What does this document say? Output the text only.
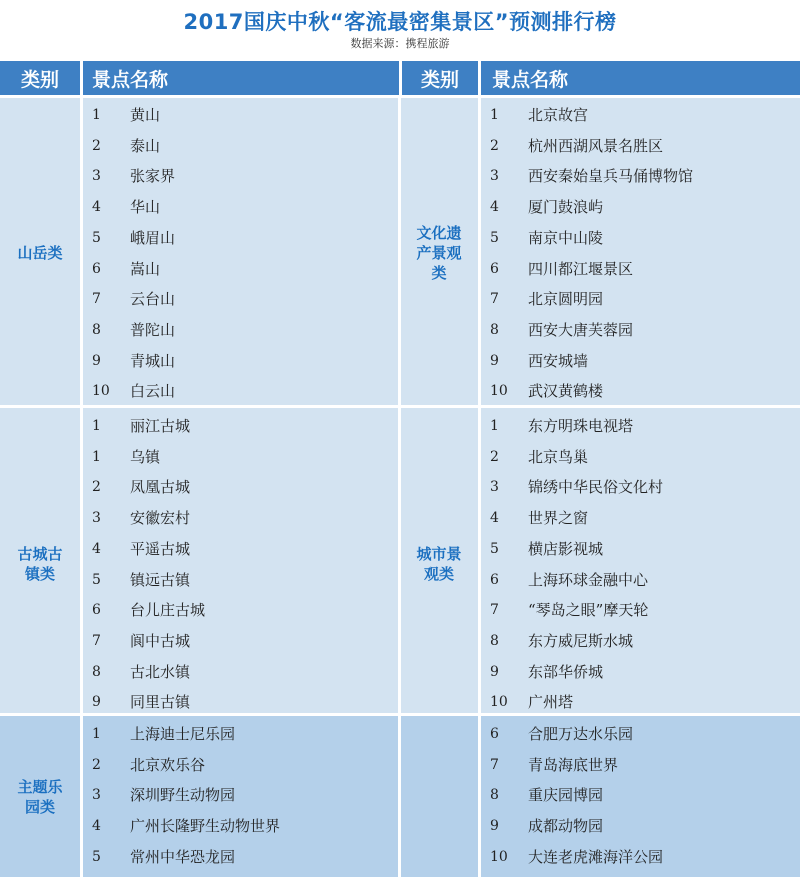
2017国庆中秋“客流最密集景区”预测排行榜
数据来源：携程旅游
类别	景点名称	类别	景点名称
山岳类
1	黄山
2	泰山
3	张家界
4	华山
5	峨眉山
6	嵩山
7	云台山
8	普陀山
9	青城山
10	白云山
文化遗
产景观
类
1	北京故宫
2	杭州西湖风景名胜区
3	西安秦始皇兵马俑博物馆
4	厦门鼓浪屿
5	南京中山陵
6	四川都江堰景区
7	北京圆明园
8	西安大唐芙蓉园
9	西安城墙
10	武汉黄鹤楼
古城古
镇类
1	丽江古城
1	乌镇
2	凤凰古城
3	安徽宏村
4	平遥古城
5	镇远古镇
6	台儿庄古城
7	阆中古城
8	古北水镇
9	同里古镇
城市景
观类
1	东方明珠电视塔
2	北京鸟巢
3	锦绣中华民俗文化村
4	世界之窗
5	横店影视城
6	上海环球金融中心
7	“琴岛之眼”摩天轮
8	东方威尼斯水城
9	东部华侨城
10	广州塔
主题乐
园类
1	上海迪士尼乐园
2	北京欢乐谷
3	深圳野生动物园
4	广州长隆野生动物世界
5	常州中华恐龙园
6	合肥万达水乐园
7	青岛海底世界
8	重庆园博园
9	成都动物园
10	大连老虎滩海洋公园
